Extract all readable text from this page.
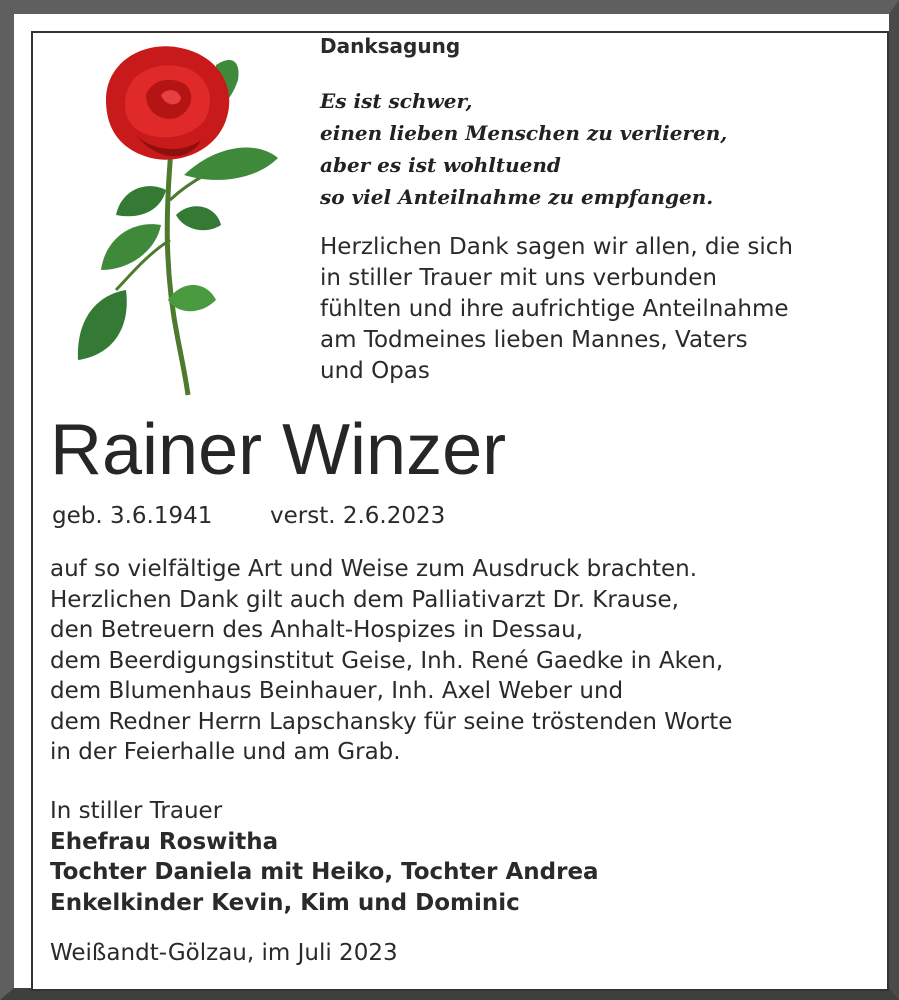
Danksagung
Es ist schwer,
einen lieben Menschen zu verlieren,
aber es ist wohltuend
so viel Anteilnahme zu empfangen.
Herzlichen Dank sagen wir allen, die sich
in stiller Trauer mit uns verbunden
fühlten und ihre aufrichtige Anteilnahme
am Todmeines lieben Mannes, Vaters
und Opas
Rainer Winzer
geb. 3.6.1941	verst. 2.6.2023
auf so vielfältige Art und Weise zum Ausdruck brachten.
Herzlichen Dank gilt auch dem Palliativarzt Dr. Krause,
den Betreuern des Anhalt-Hospizes in Dessau,
dem Beerdigungsinstitut Geise, Inh. René Gaedke in Aken,
dem Blumenhaus Beinhauer, Inh. Axel Weber und
dem Redner Herrn Lapschansky für seine tröstenden Worte
in der Feierhalle und am Grab.
In stiller Trauer
Ehefrau Roswitha
Tochter Daniela mit Heiko, Tochter Andrea
Enkelkinder Kevin, Kim und Dominic
Weißandt-Gölzau, im Juli 2023
